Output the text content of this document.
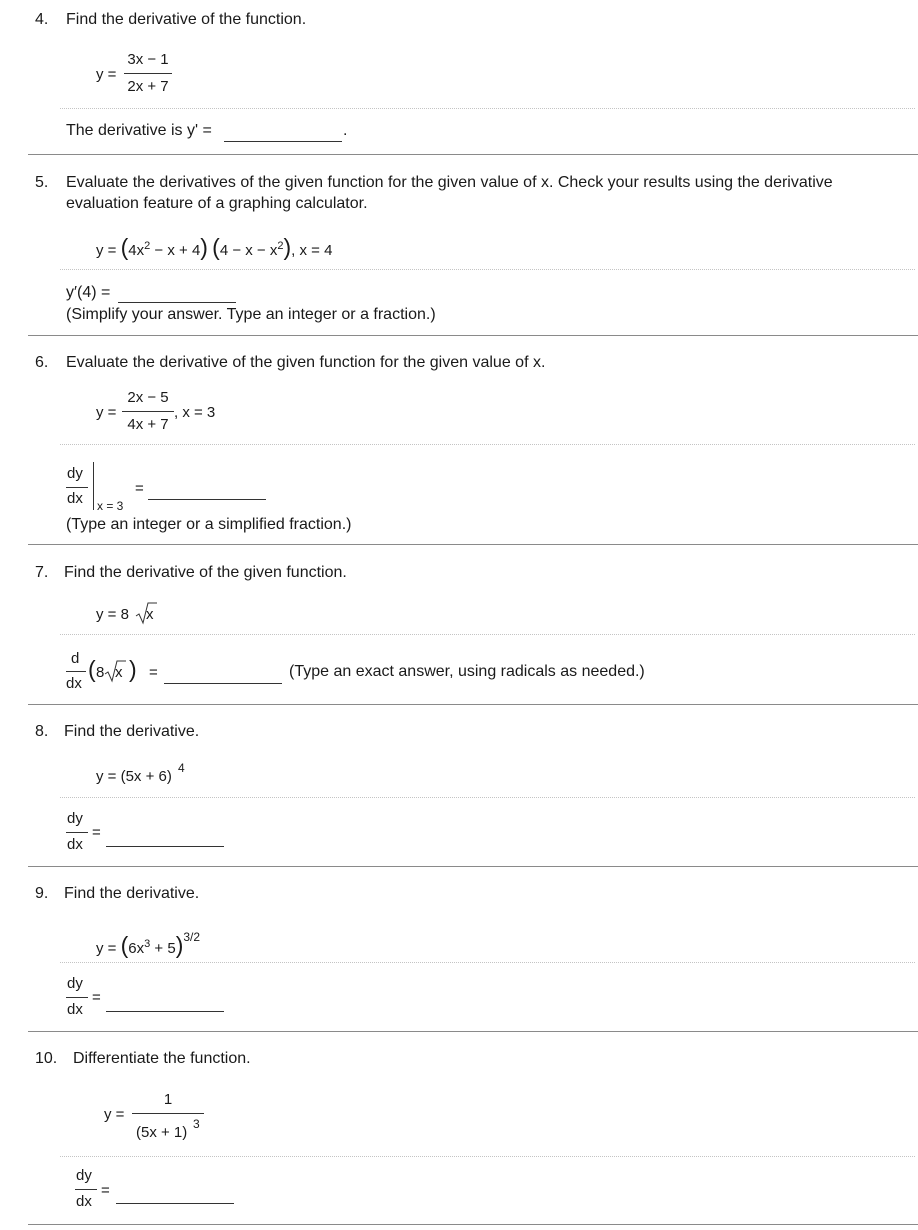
4. Find the derivative of the function.
y =
3x − 1
2x + 7
The derivative is y' =	.
5. Evaluate the derivatives of the given function for the given value of x. Check your results using the derivative
evaluation feature of a graphing calculator.
$y = (4x^2 - x + 4) (4 - x - x^2)$, x = 4
y′(4) =
(Simplify your answer. Type an integer or a fraction.)
6. Evaluate the derivative of the given function for the given value of x.
y =
2x − 5
4x + 7
, x = 3
dy
dx x = 3
=
(Type an integer or a simplified fraction.)
7. Find the derivative of the given function.
y = 8 x
d
dx
( 8 x ) =	(Type an exact answer, using radicals as needed.)
8. Find the derivative.
y = (5x + 6) 4
dy
dx
=
9. Find the derivative.
$y = (6x^3 + 5)^{3/2}$
dy
dx
=
10. Differentiate the function.
y =
1
(5x + 1) 3
dy
dx
=
